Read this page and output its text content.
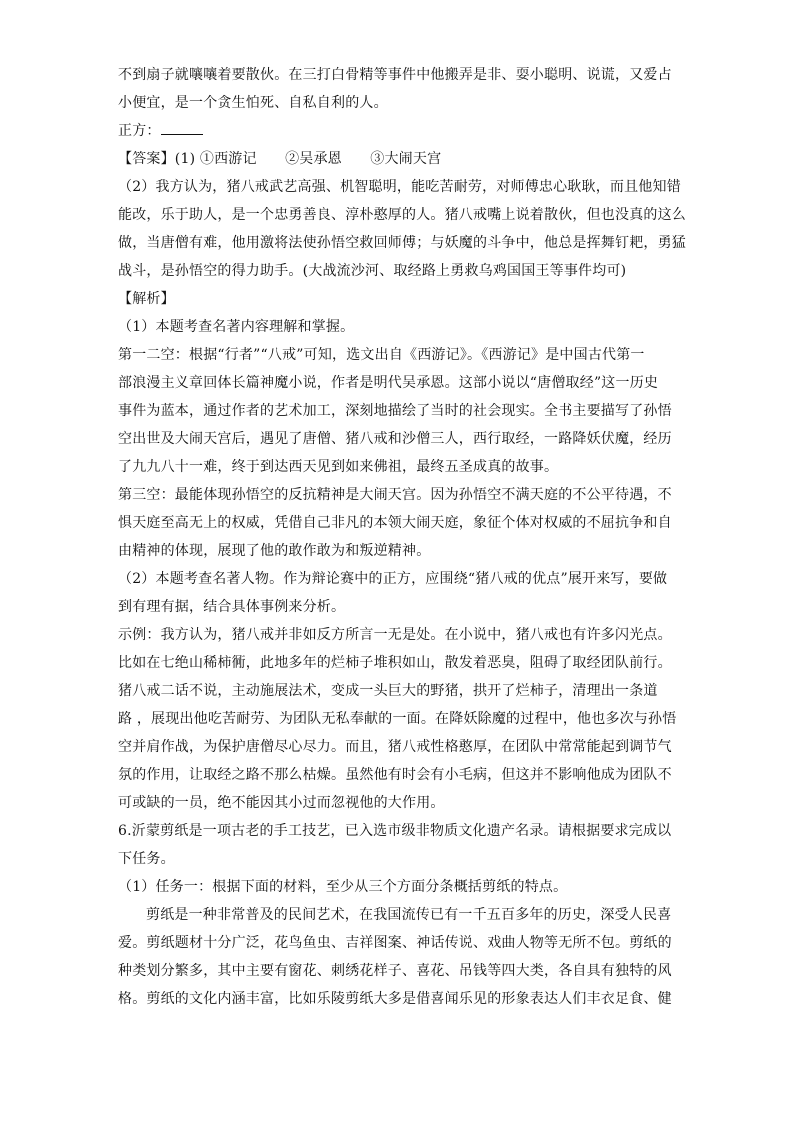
不到扇子就嚷嚷着要散伙。在三打白骨精等事件中他搬弄是非、耍小聪明、说谎，又爱占
小便宜，是一个贪生怕死、自私自利的人。
正方：
【答案】(1) ①西游记　　②吴承恩　　③大闹天宫
（2）我方认为，猪八戒武艺高强、机智聪明，能吃苦耐劳，对师傅忠心耿耿，而且他知错
能改，乐于助人，是一个忠勇善良、淳朴憨厚的人。猪八戒嘴上说着散伙，但也没真的这么
做，当唐僧有难，他用激将法使孙悟空救回师傅；与妖魔的斗争中，他总是挥舞钉耙，勇猛
战斗，是孙悟空的得力助手。(大战流沙河、取经路上勇救乌鸡国国王等事件均可)
【解析】
（1）本题考查名著内容理解和掌握。
第一二空：根据“行者”“八戒”可知，选文出自《西游记》。《西游记》是中国古代第一
部浪漫主义章回体长篇神魔小说，作者是明代吴承恩。这部小说以“唐僧取经”这一历史
事件为蓝本，通过作者的艺术加工，深刻地描绘了当时的社会现实。全书主要描写了孙悟
空出世及大闹天宫后，遇见了唐僧、猪八戒和沙僧三人，西行取经，一路降妖伏魔，经历
了九九八十一难，终于到达西天见到如来佛祖，最终五圣成真的故事。
第三空：最能体现孙悟空的反抗精神是大闹天宫。因为孙悟空不满天庭的不公平待遇，不
惧天庭至高无上的权威，凭借自己非凡的本领大闹天庭，象征个体对权威的不屈抗争和自
由精神的体现，展现了他的敢作敢为和叛逆精神。
（2）本题考查名著人物。作为辩论赛中的正方，应围绕“猪八戒的优点”展开来写，要做
到有理有据，结合具体事例来分析。
示例：我方认为，猪八戒并非如反方所言一无是处。在小说中，猪八戒也有许多闪光点。
比如在七绝山稀柿衕，此地多年的烂柿子堆积如山，散发着恶臭，阻碍了取经团队前行。
猪八戒二话不说，主动施展法术，变成一头巨大的野猪，拱开了烂柿子，清理出一条道
路 ，展现出他吃苦耐劳、为团队无私奉献的一面。在降妖除魔的过程中，他也多次与孙悟
空并肩作战，为保护唐僧尽心尽力。而且，猪八戒性格憨厚，在团队中常常能起到调节气
氛的作用，让取经之路不那么枯燥。虽然他有时会有小毛病，但这并不影响他成为团队不
可或缺的一员，绝不能因其小过而忽视他的大作用。
6.沂蒙剪纸是一项古老的手工技艺，已入选市级非物质文化遗产名录。请根据要求完成以
下任务。
（1）任务一：根据下面的材料，至少从三个方面分条概括剪纸的特点。
剪纸是一种非常普及的民间艺术，在我国流传已有一千五百多年的历史，深受人民喜
爱。剪纸题材十分广泛，花鸟鱼虫、吉祥图案、神话传说、戏曲人物等无所不包。剪纸的
种类划分繁多，其中主要有窗花、刺绣花样子、喜花、吊钱等四大类，各自具有独特的风
格。剪纸的文化内涵丰富，比如乐陵剪纸大多是借喜闻乐见的形象表达人们丰衣足食、健
